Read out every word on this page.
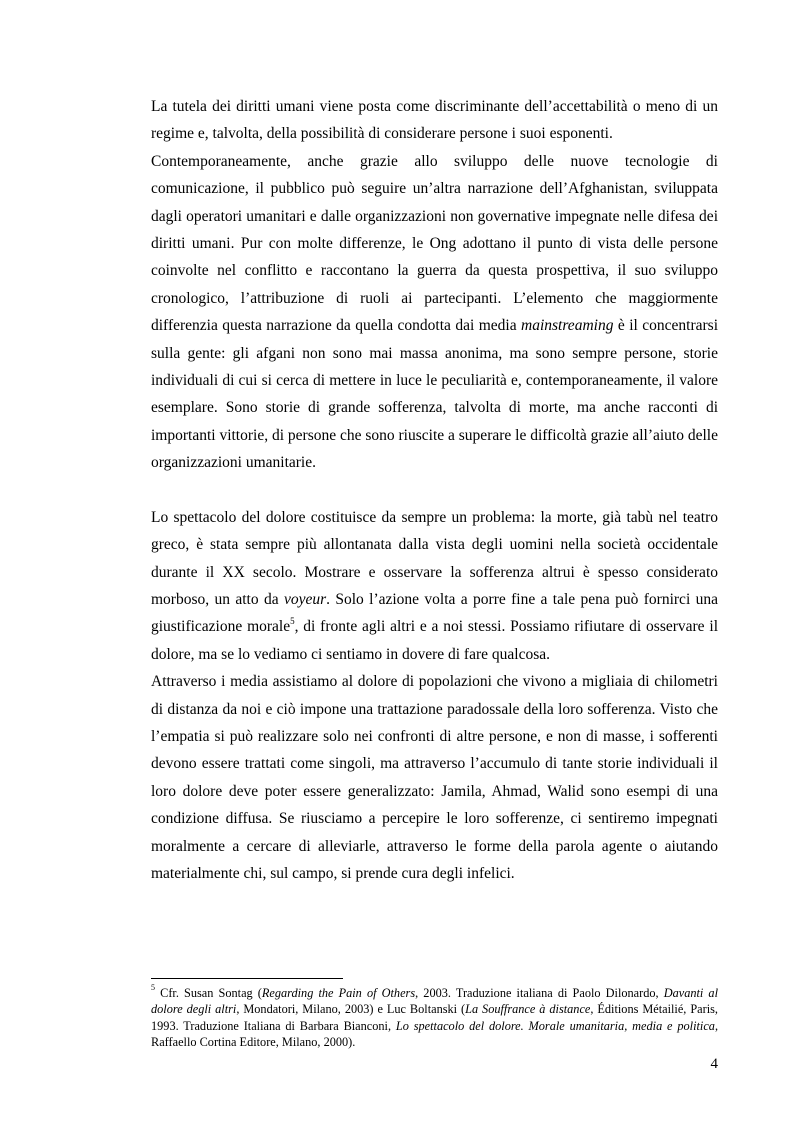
La tutela dei diritti umani viene posta come discriminante dell’accettabilità o meno di un regime e, talvolta, della possibilità di considerare persone i suoi esponenti.

Contemporaneamente, anche grazie allo sviluppo delle nuove tecnologie di comunicazione, il pubblico può seguire un’altra narrazione dell’Afghanistan, sviluppata dagli operatori umanitari e dalle organizzazioni non governative impegnate nelle difesa dei diritti umani. Pur con molte differenze, le Ong adottano il punto di vista delle persone coinvolte nel conflitto e raccontano la guerra da questa prospettiva, il suo sviluppo cronologico, l’attribuzione di ruoli ai partecipanti. L’elemento che maggiormente differenzia questa narrazione da quella condotta dai media mainstreaming è il concentrarsi sulla gente: gli afgani non sono mai massa anonima, ma sono sempre persone, storie individuali di cui si cerca di mettere in luce le peculiarità e, contemporaneamente, il valore esemplare. Sono storie di grande sofferenza, talvolta di morte, ma anche racconti di importanti vittorie, di persone che sono riuscite a superare le difficoltà grazie all’aiuto delle organizzazioni umanitarie.

Lo spettacolo del dolore costituisce da sempre un problema: la morte, già tabù nel teatro greco, è stata sempre più allontanata dalla vista degli uomini nella società occidentale durante il XX secolo. Mostrare e osservare la sofferenza altrui è spesso considerato morboso, un atto da voyeur. Solo l’azione volta a porre fine a tale pena può fornirci una giustificazione morale$^5$, di fronte agli altri e a noi stessi. Possiamo rifiutare di osservare il dolore, ma se lo vediamo ci sentiamo in dovere di fare qualcosa.

Attraverso i media assistiamo al dolore di popolazioni che vivono a migliaia di chilometri di distanza da noi e ciò impone una trattazione paradossale della loro sofferenza. Visto che l’empatia si può realizzare solo nei confronti di altre persone, e non di masse, i sofferenti devono essere trattati come singoli, ma attraverso l’accumulo di tante storie individuali il loro dolore deve poter essere generalizzato: Jamila, Ahmad, Walid sono esempi di una condizione diffusa. Se riusciamo a percepire le loro sofferenze, ci sentiremo impegnati moralmente a cercare di alleviarle, attraverso le forme della parola agente o aiutando materialmente chi, sul campo, si prende cura degli infelici.

$^5$ Cfr. Susan Sontag (Regarding the Pain of Others, 2003. Traduzione italiana di Paolo Dilonardo, Davanti al dolore degli altri, Mondatori, Milano, 2003) e Luc Boltanski (La Souffrance à distance, Éditions Métailié, Paris, 1993. Traduzione Italiana di Barbara Bianconi, Lo spettacolo del dolore. Morale umanitaria, media e politica, Raffaello Cortina Editore, Milano, 2000).

4
